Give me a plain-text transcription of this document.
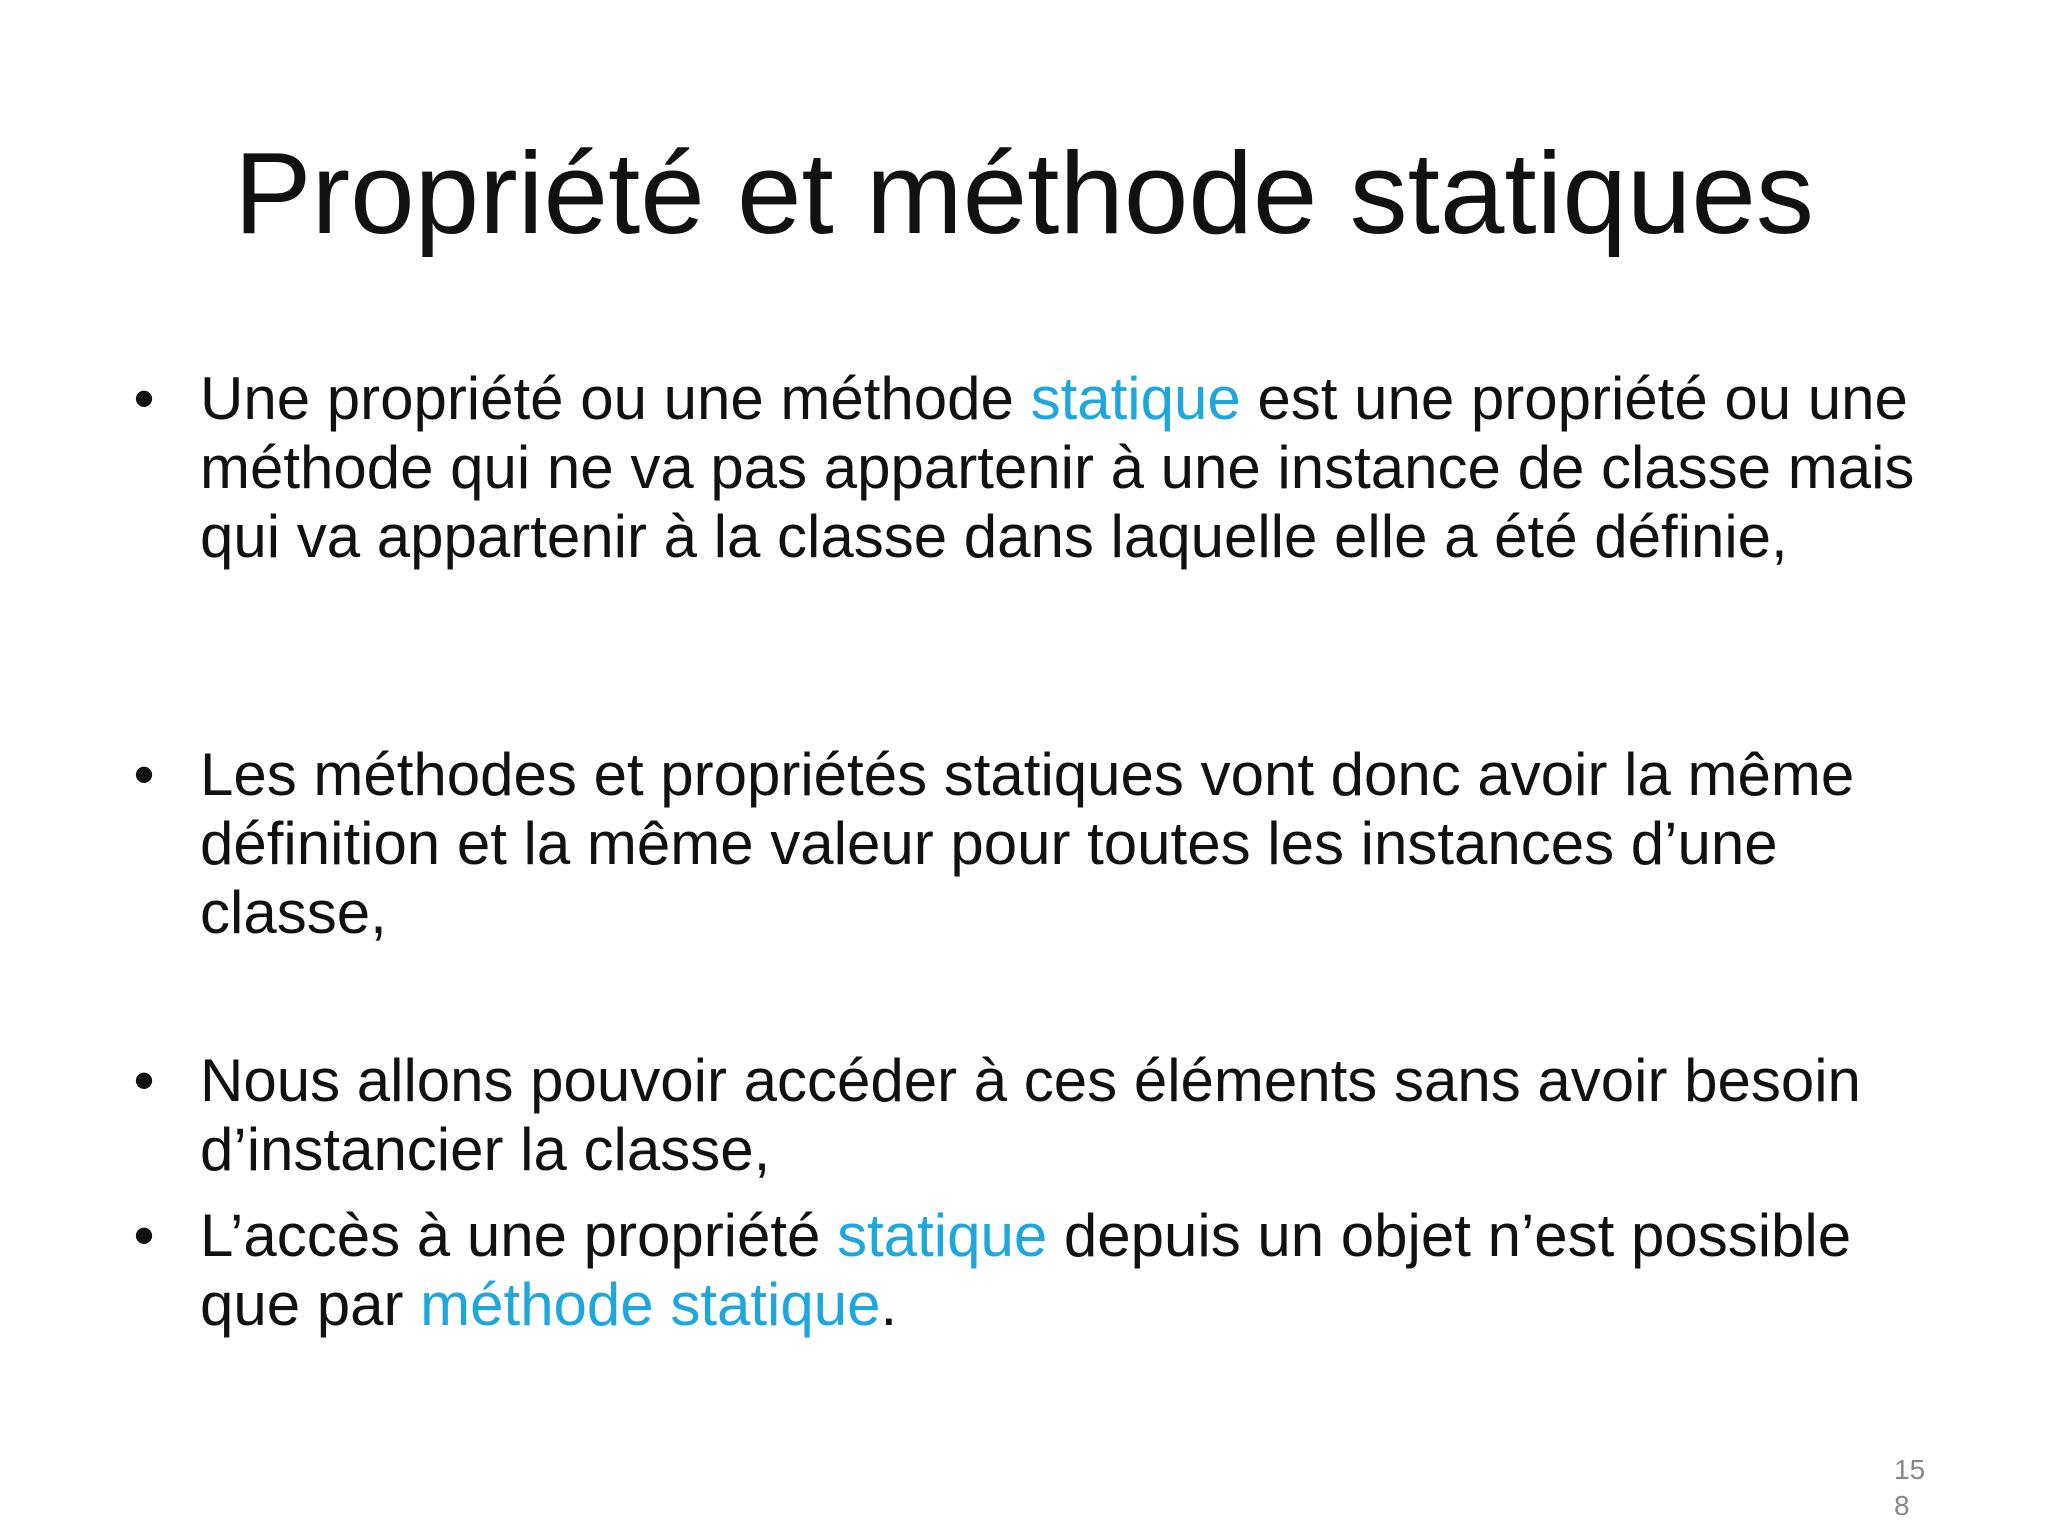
Propriété et méthode statiques

• Une propriété ou une méthode statique est une propriété ou une méthode qui ne va pas appartenir à une instance de classe mais qui va appartenir à la classe dans laquelle elle a été définie,

• Les méthodes et propriétés statiques vont donc avoir la même définition et la même valeur pour toutes les instances d’une classe,

• Nous allons pouvoir accéder à ces éléments sans avoir besoin d’instancier la classe,

• L’accès à une propriété statique depuis un objet n’est possible que par méthode statique.

158
